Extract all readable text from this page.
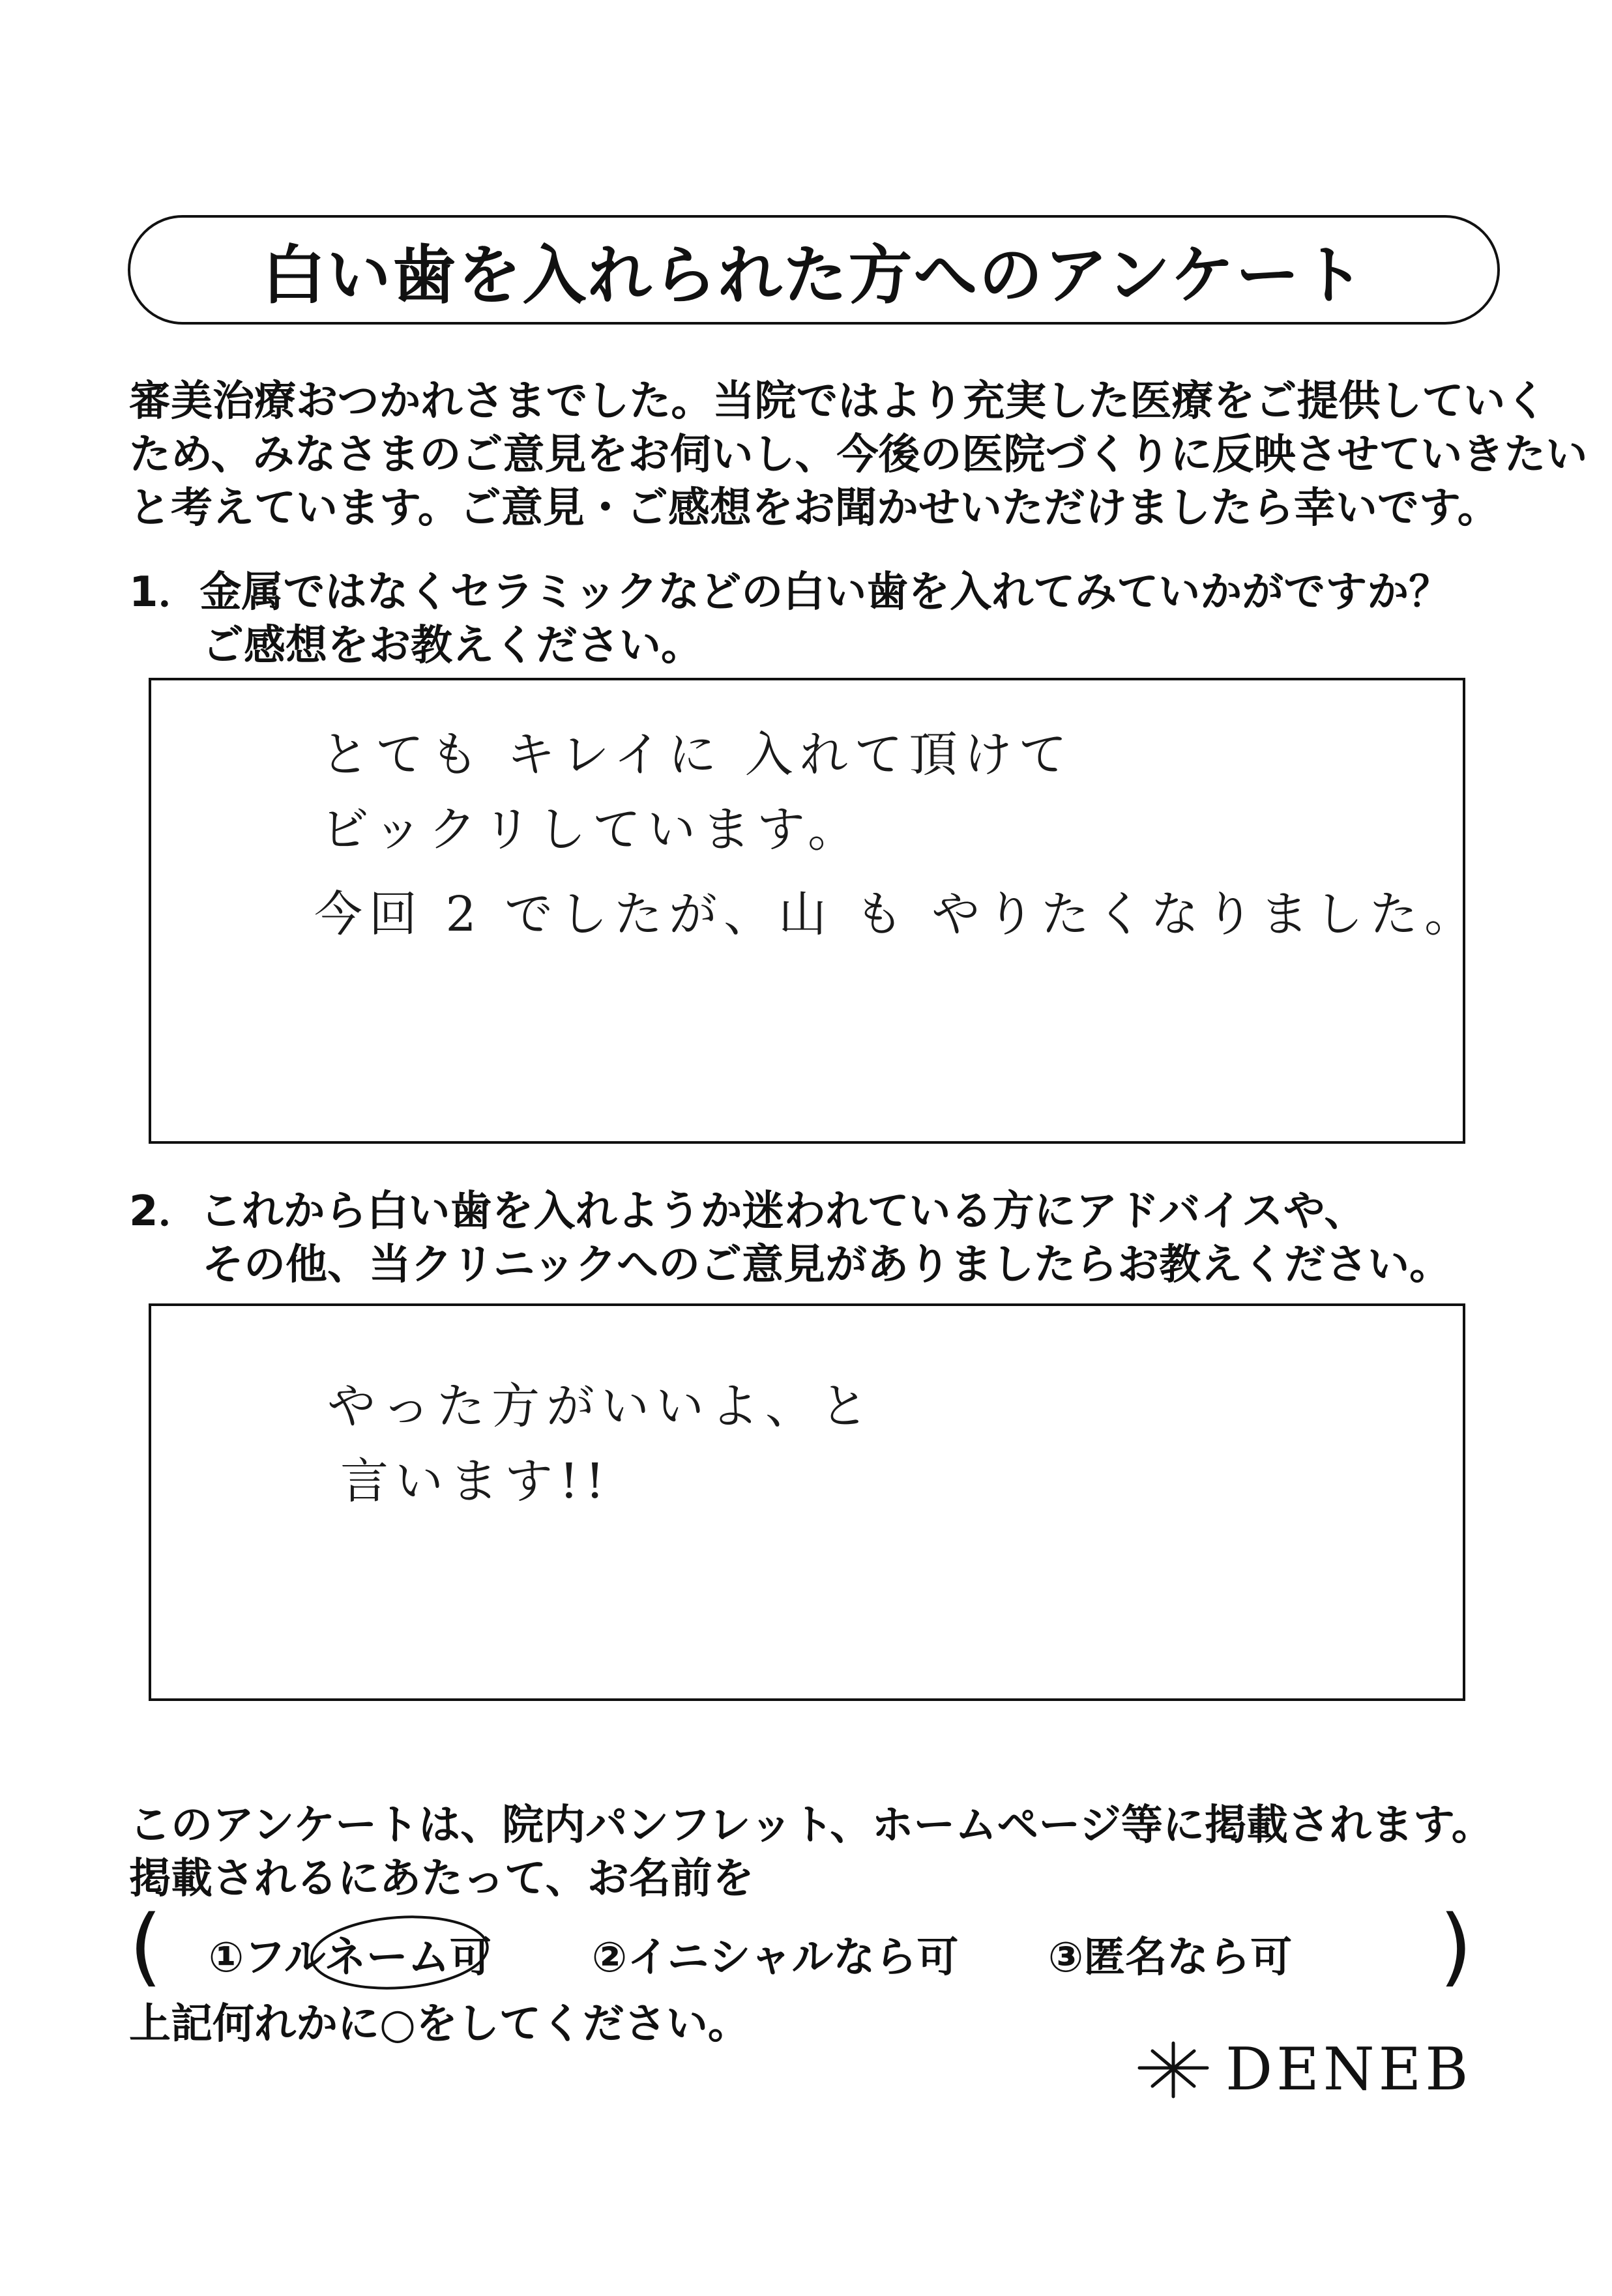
白い歯を入れられた方へのアンケート
審美治療おつかれさまでした。当院ではより充実した医療をご提供していく
ため、みなさまのご意見をお伺いし、今後の医院づくりに反映させていきたい
と考えています。ご意見・ご感想をお聞かせいただけましたら幸いです。
1．金属ではなくセラミックなどの白い歯を入れてみていかがですか？
ご感想をお教えください。
とても キレイに 入れて頂けて
ビックリしています。
今回 2 でしたが、山 も やりたくなりました。
2．これから白い歯を入れようか迷われている方にアドバイスや、
その他、当クリニックへのご意見がありましたらお教えください。
やった方がいいよ、と
言います!!
このアンケートは、院内パンフレット、ホームページ等に掲載されます。
掲載されるにあたって、お名前を
( ①フルネーム可 ②イニシャルなら可 ③匿名なら可 )
上記何れかに○をしてください。
DENEB
